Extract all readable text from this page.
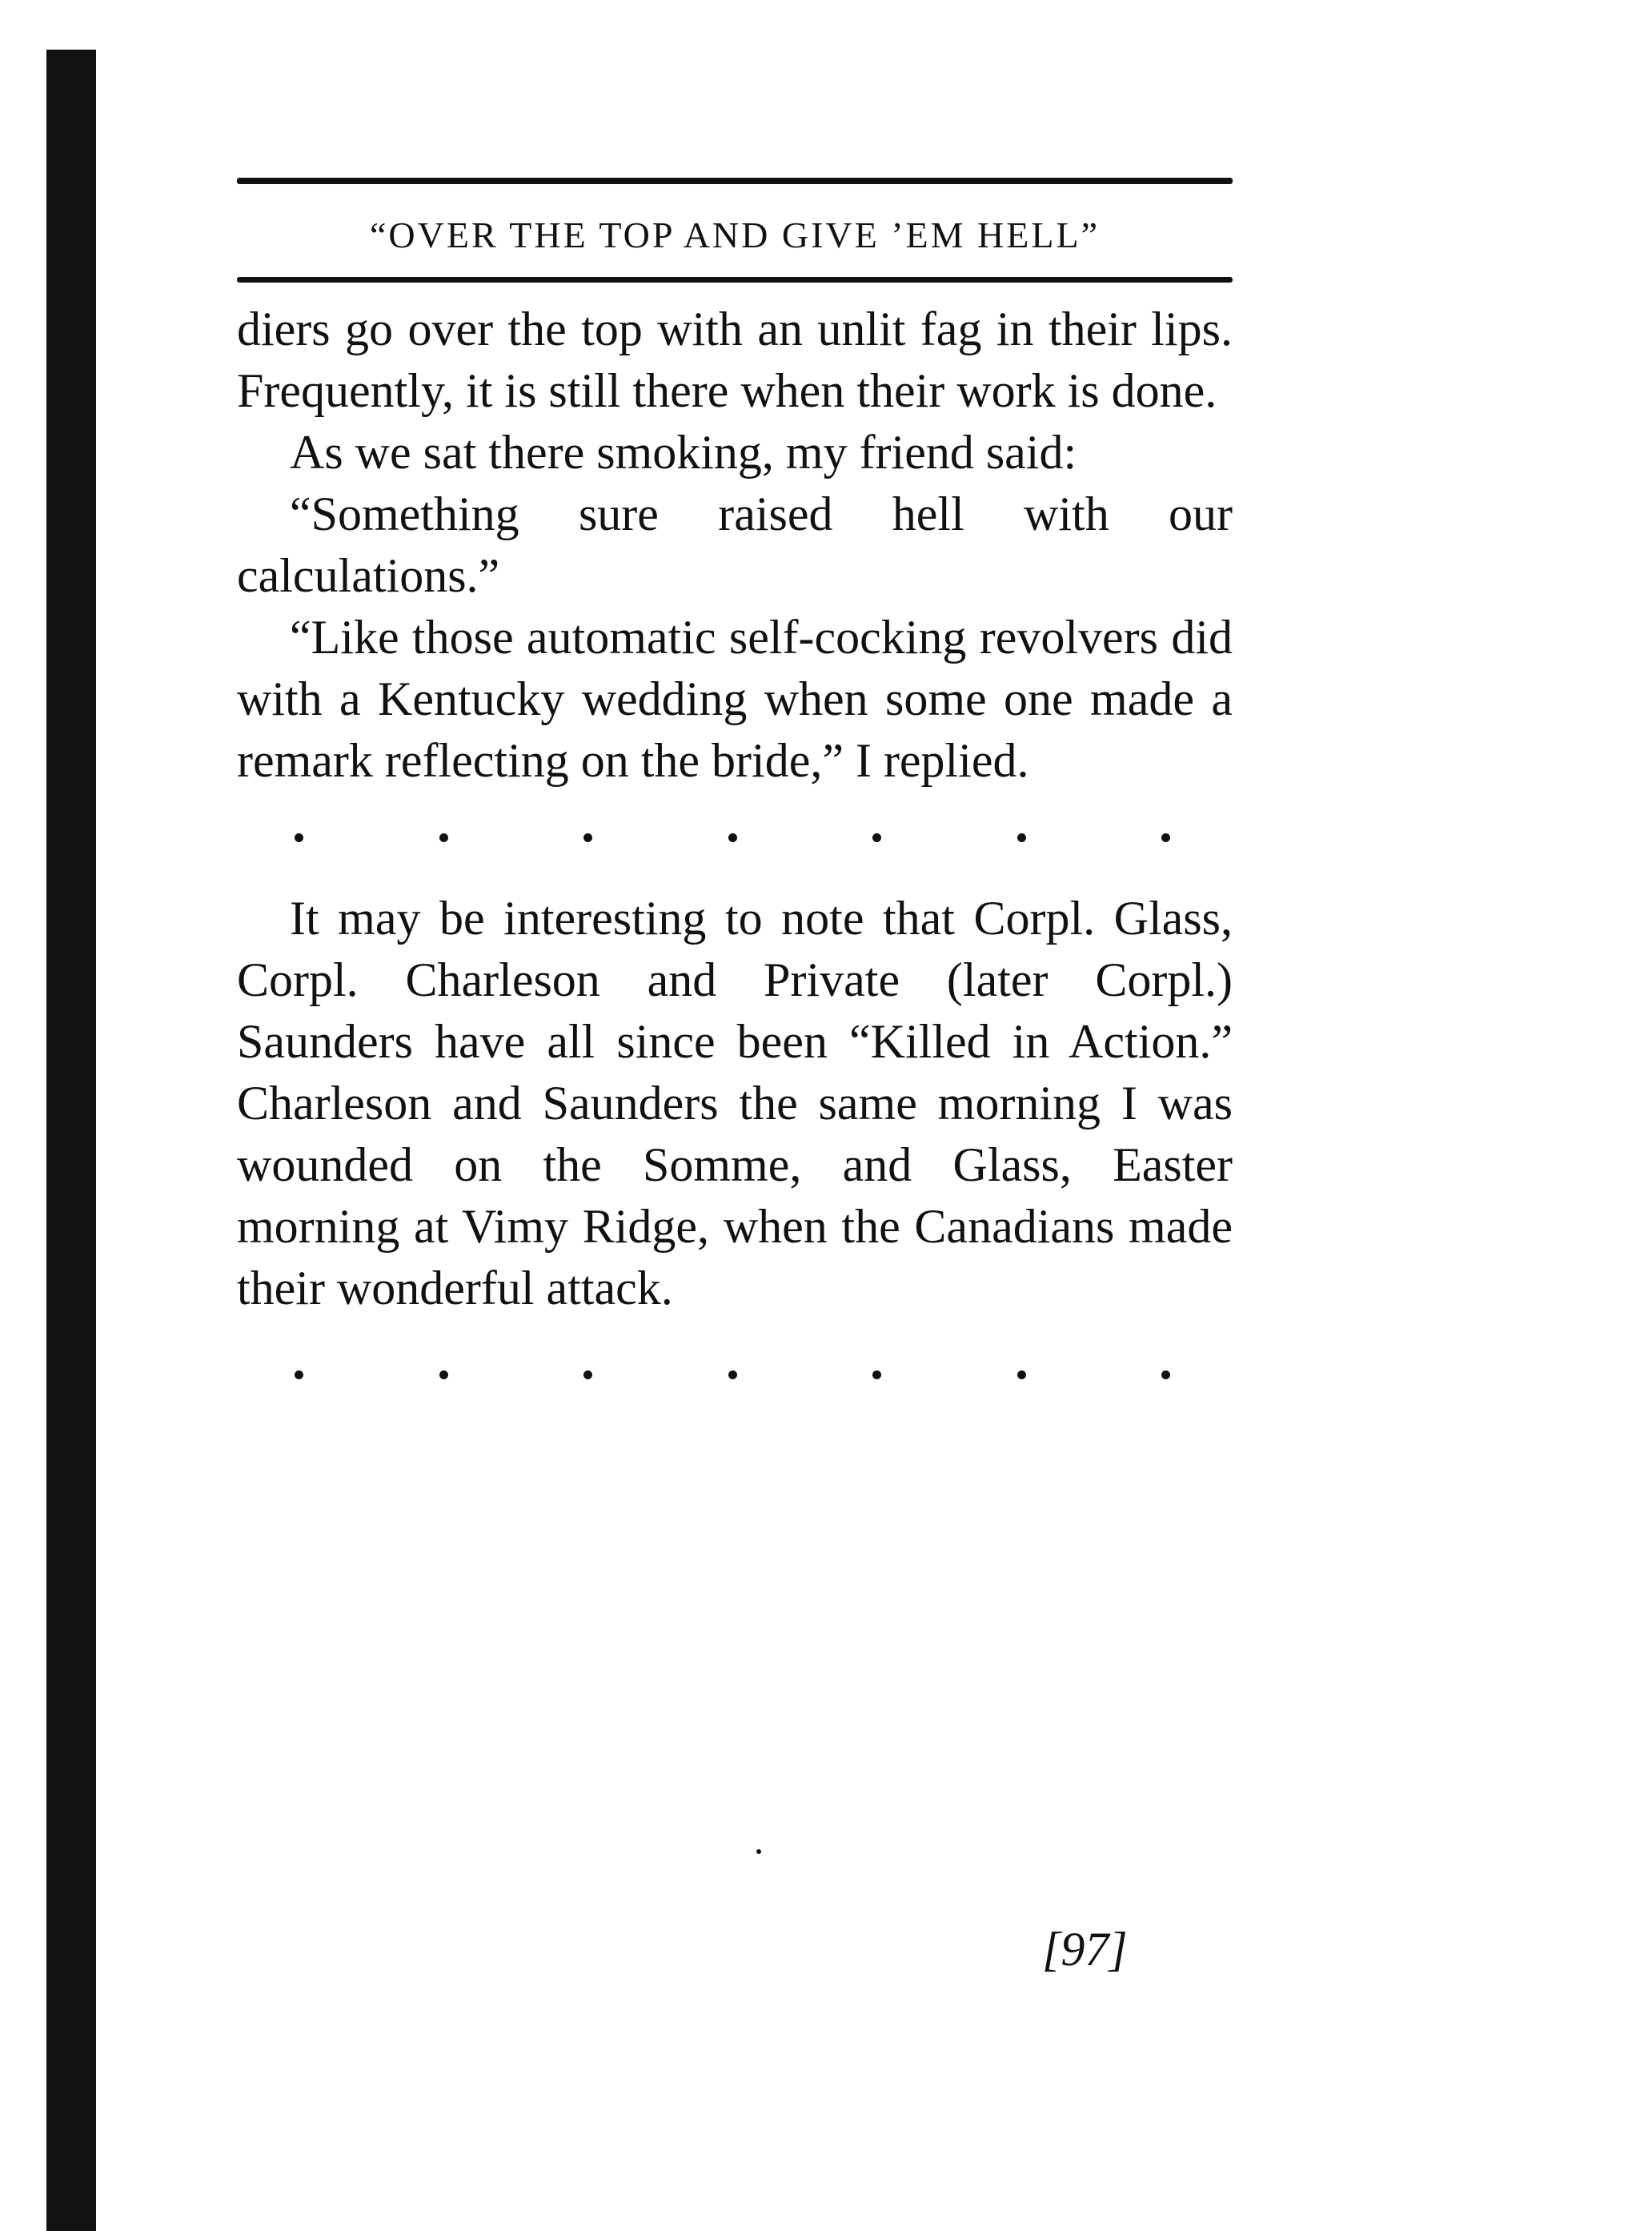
“OVER THE TOP AND GIVE ’EM HELL”

diers go over the top with an unlit fag in their lips. Frequently, it is still there when their work is done.

As we sat there smoking, my friend said:

“Something sure raised hell with our calculations.”

“Like those automatic self-cocking revolvers did with a Kentucky wedding when some one made a remark reflecting on the bride,” I replied.

It may be interesting to note that Corpl. Glass, Corpl. Charleson and Private (later Corpl.) Saunders have all since been “Killed in Action.” Charleson and Saunders the same morning I was wounded on the Somme, and Glass, Easter morning at Vimy Ridge, when the Canadians made their wonderful attack.

[97]
